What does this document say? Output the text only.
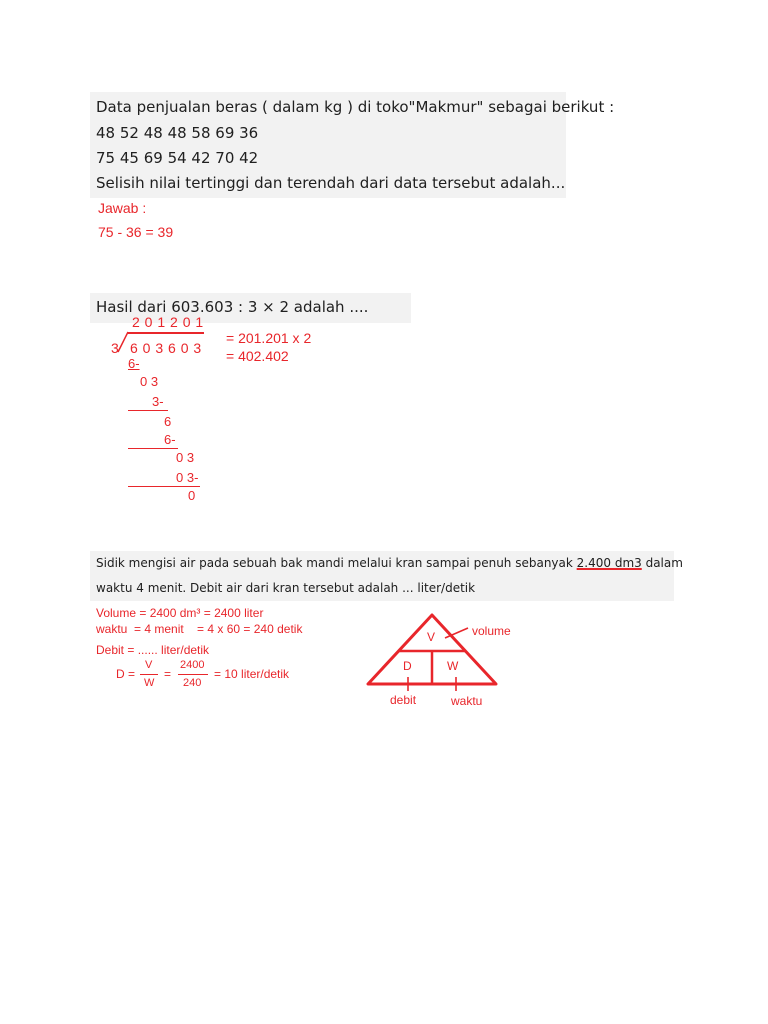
Data penjualan beras ( dalam kg ) di toko"Makmur" sebagai berikut :
48 52 48 48 58 69 36
75 45 69 54 42 70 42
Selisih nilai tertinggi dan terendah dari data tersebut adalah...
Jawab :
75 - 36 = 39
Hasil dari 603.603 : 3 × 2 adalah ....
2 0 1 2 0 1
3 6 0 3 6 0 3
6-
0 3
3-
6
6-
0 3
0 3-
0
= 201.201 x 2
= 402.402
Sidik mengisi air pada sebuah bak mandi melalui kran sampai penuh sebanyak 2.400 dm3 dalam
waktu 4 menit. Debit air dari kran tersebut adalah ... liter/detik
Volume = 2400 dm³ = 2400 liter
waktu = 4 menit    = 4 x 60 = 240 detik
Debit = ...... liter/detik
D =
V
W
=
2400
240
= 10 liter/detik
V
D	W
volume
debit	waktu
